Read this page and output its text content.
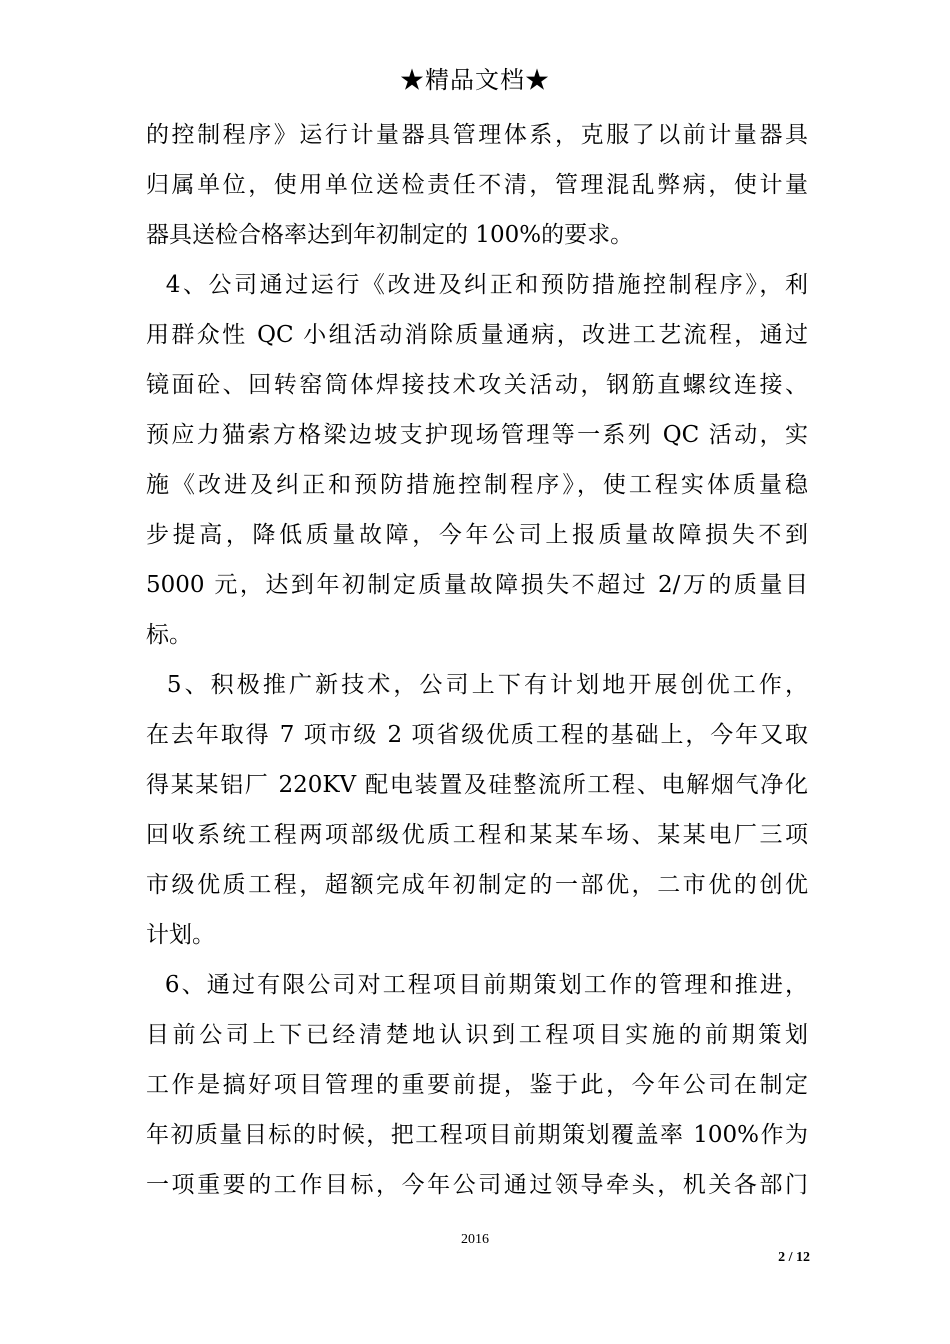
★精品文档★
的控制程序》运行计量器具管理体系，克服了以前计量器具
归属单位，使用单位送检责任不清，管理混乱弊病，使计量
器具送检合格率达到年初制定的 100%的要求。
4、公司通过运行《改进及纠正和预防措施控制程序》，利
用群众性 QC 小组活动消除质量通病，改进工艺流程，通过
镜面砼、回转窑筒体焊接技术攻关活动，钢筋直螺纹连接、
预应力猫索方格梁边坡支护现场管理等一系列 QC 活动，实
施《改进及纠正和预防措施控制程序》，使工程实体质量稳
步提高，降低质量故障，今年公司上报质量故障损失不到
5000 元，达到年初制定质量故障损失不超过 2/万的质量目
标。
5、积极推广新技术，公司上下有计划地开展创优工作，
在去年取得 7 项市级 2 项省级优质工程的基础上，今年又取
得某某铝厂 220KV 配电装置及硅整流所工程、电解烟气净化
回收系统工程两项部级优质工程和某某车场、某某电厂三项
市级优质工程，超额完成年初制定的一部优，二市优的创优
计划。
6、通过有限公司对工程项目前期策划工作的管理和推进，
目前公司上下已经清楚地认识到工程项目实施的前期策划
工作是搞好项目管理的重要前提，鉴于此，今年公司在制定
年初质量目标的时候，把工程项目前期策划覆盖率 100%作为
一项重要的工作目标，今年公司通过领导牵头，机关各部门
2016
2 / 12
